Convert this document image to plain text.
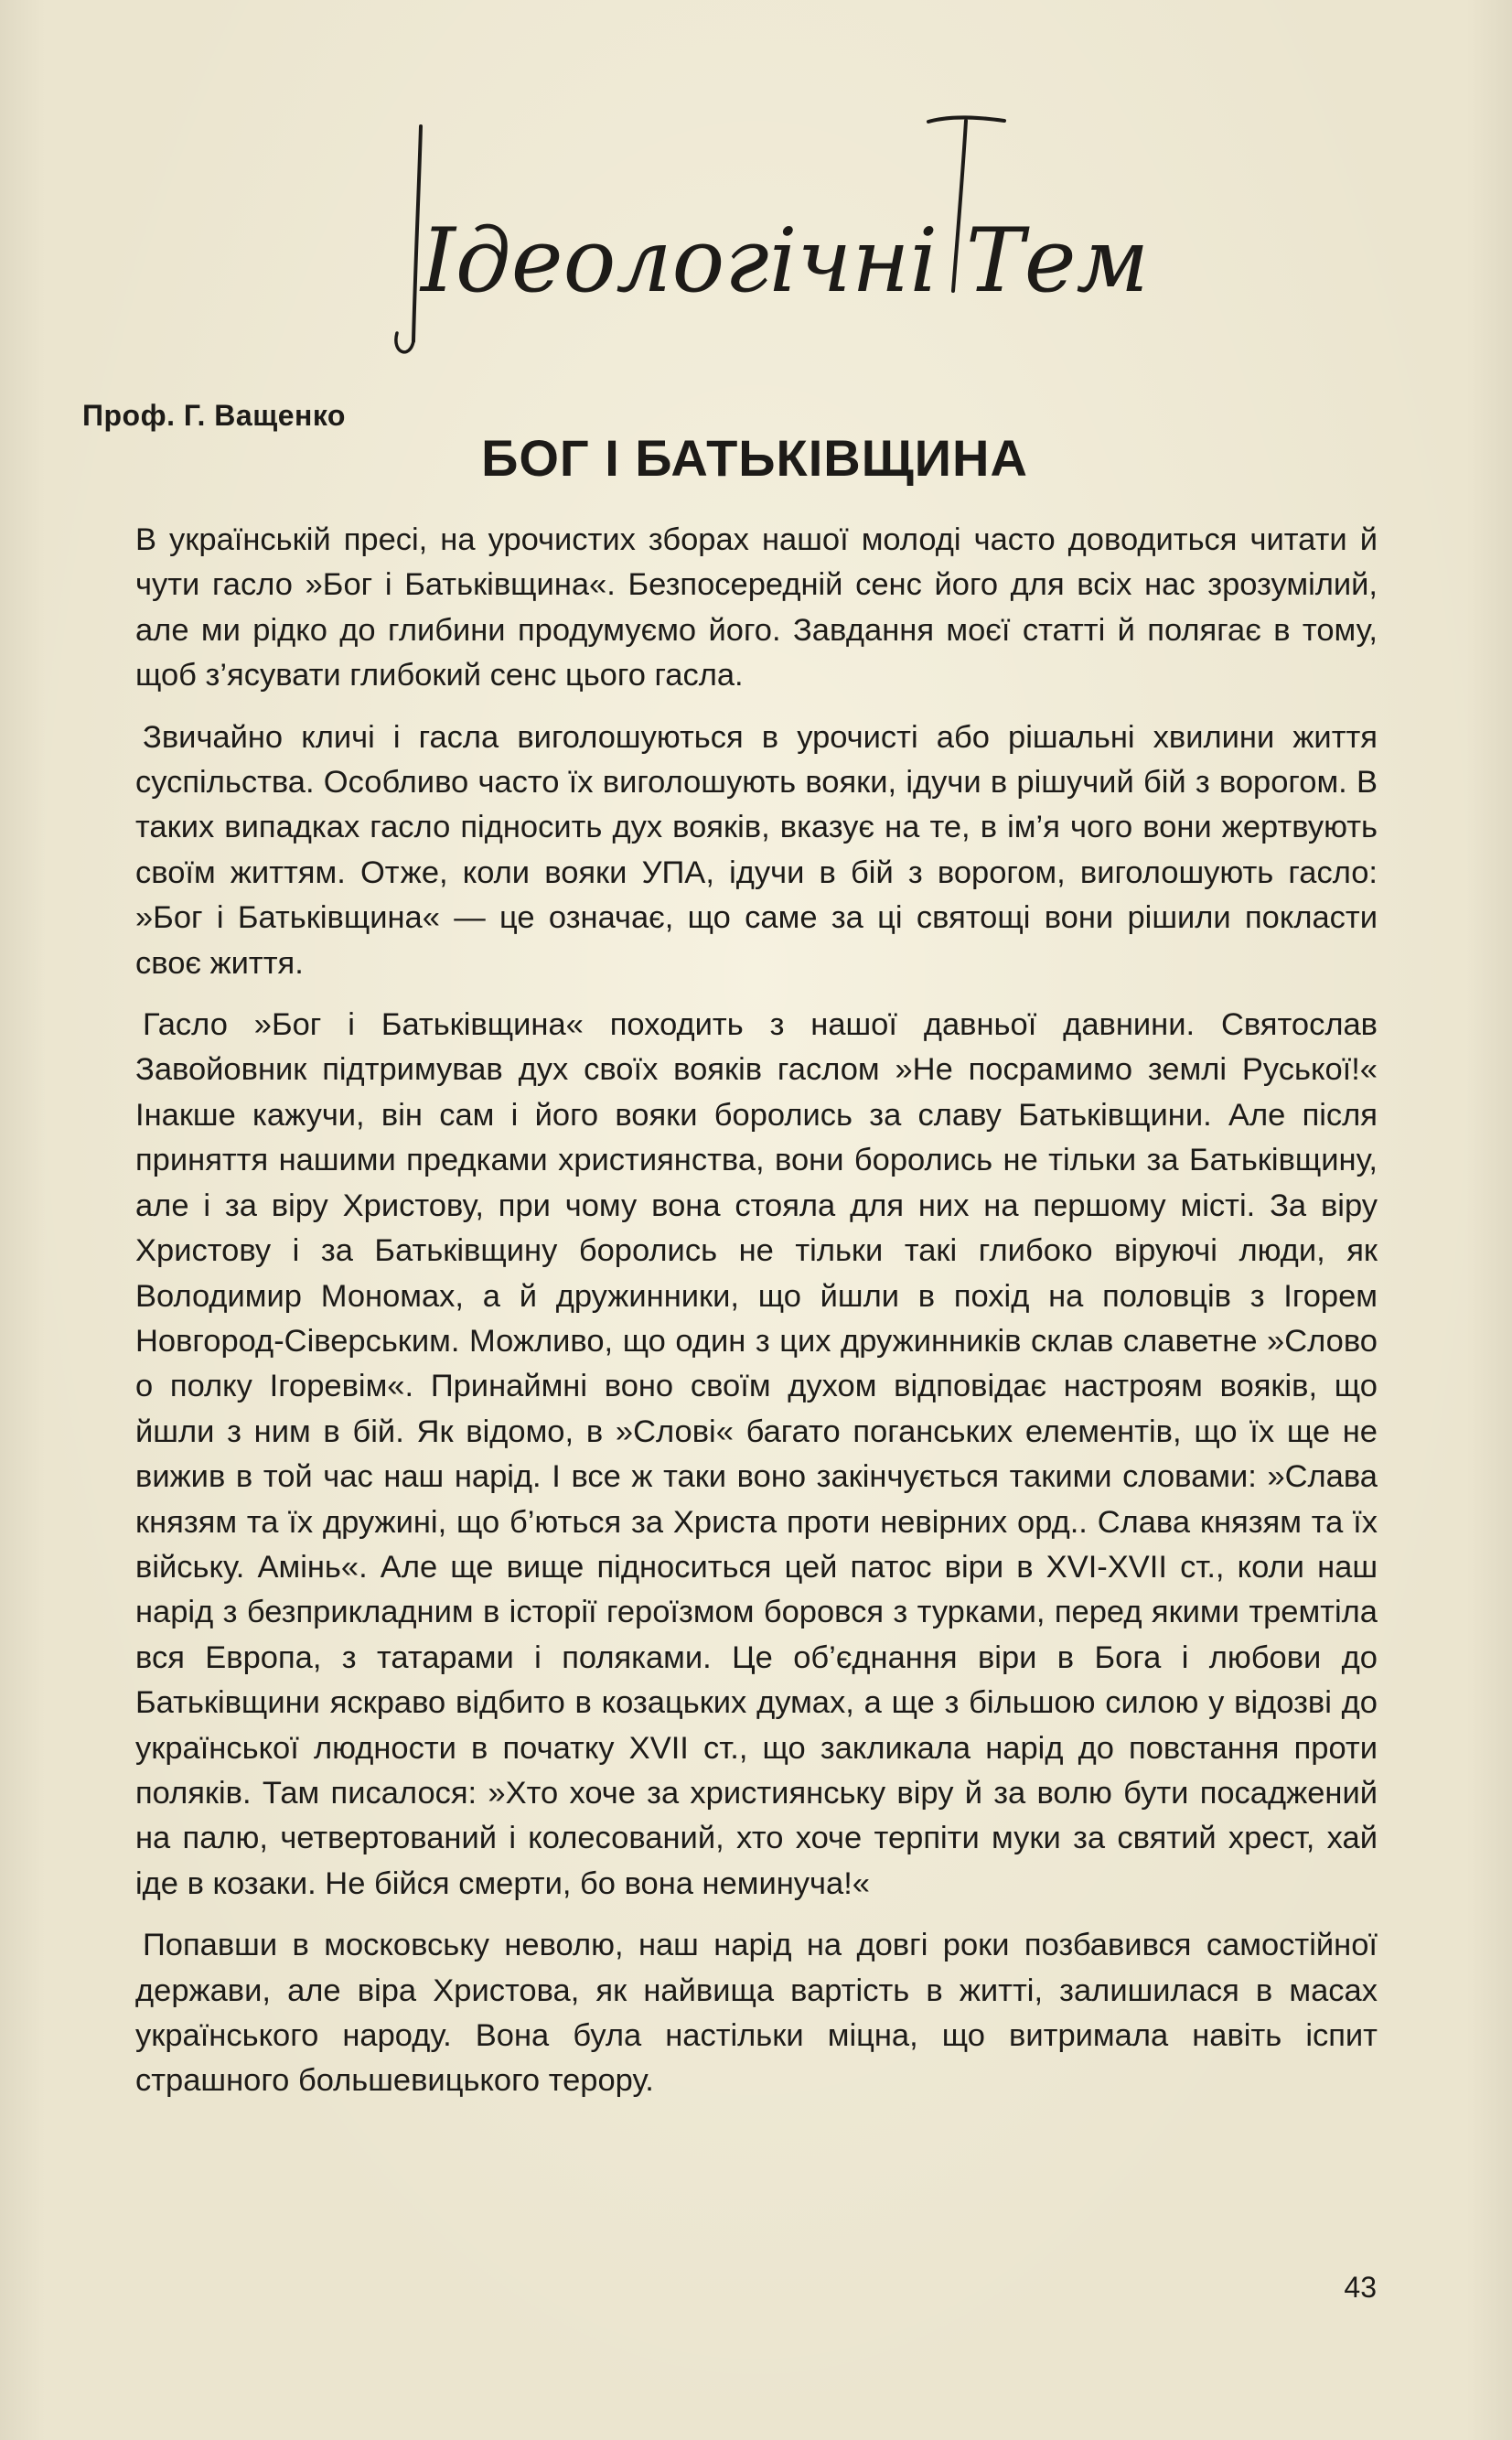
Ідеологічні Теми
Проф. Г. Ващенко
БОГ І БАТЬКІВЩИНА

В українській пресі, на урочистих зборах нашої молоді часто доводиться читати й чути гасло »Бог і Батьківщина«. Безпосередній сенс його для всіх нас зрозумілий, але ми рідко до глибини продумуємо його. Завдання моєї статті й полягає в тому, щоб з’ясувати глибокий сенс цього гасла.

Звичайно кличі і гасла виголошуються в урочисті або рішальні хвилини життя суспільства. Особливо часто їх виголошують вояки, ідучи в рішучий бій з ворогом. В таких випадках гасло підносить дух вояків, вказує на те, в ім’я чого вони жертвують своїм життям. Отже, коли вояки УПА, ідучи в бій з ворогом, виголошують гасло: »Бог і Батьківщина« — це означає, що саме за ці святощі вони рішили покласти своє життя.

Гасло »Бог і Батьківщина« походить з нашої давньої давнини. Святослав Завойовник підтримував дух своїх вояків гаслом »Не посрамимо землі Руської!« Інакше кажучи, він сам і його вояки боролись за славу Батьківщини. Але після приняття нашими предками християнства, вони боролись не тільки за Батьківщину, але і за віру Христову, при чому вона стояла для них на першому місті. За віру Христову і за Батьківщину боролись не тільки такі глибоко віруючі люди, як Володимир Мономах, а й дружинники, що йшли в похід на половців з Ігорем Новгород-Сіверським. Можливо, що один з цих дружинників склав славетне »Слово о полку Ігоревім«. Принаймні воно своїм духом відповідає настроям вояків, що йшли з ним в бій. Як відомо, в »Слові« багато поганських елементів, що їх ще не вижив в той час наш нарід. І все ж таки воно закінчується такими словами: »Слава князям та їх дружині, що б’ються за Христа проти невірних орд.. Слава князям та їх війську. Амінь«. Але ще вище підноситься цей патос віри в XVI-XVII ст., коли наш нарід з безприкладним в історії героїзмом боровся з турками, перед якими тремтіла вся Европа, з татарами і поляками. Це об’єднання віри в Бога і любови до Батьківщини яскраво відбито в козацьких думах, а ще з більшою силою у відозві до української людности в початку XVII ст., що закликала нарід до повстання проти поляків. Там писалося: »Хто хоче за християнську віру й за волю бути посаджений на палю, четвертований і колесований, хто хоче терпіти муки за святий хрест, хай іде в козаки. Не бійся смерти, бо вона неминуча!«

Попавши в московську неволю, наш нарід на довгі роки позбавився самостійної держави, але віра Христова, як найвища вартість в житті, залишилася в масах українського народу. Вона була настільки міцна, що витримала навіть іспит страшного большевицького терору.

43
